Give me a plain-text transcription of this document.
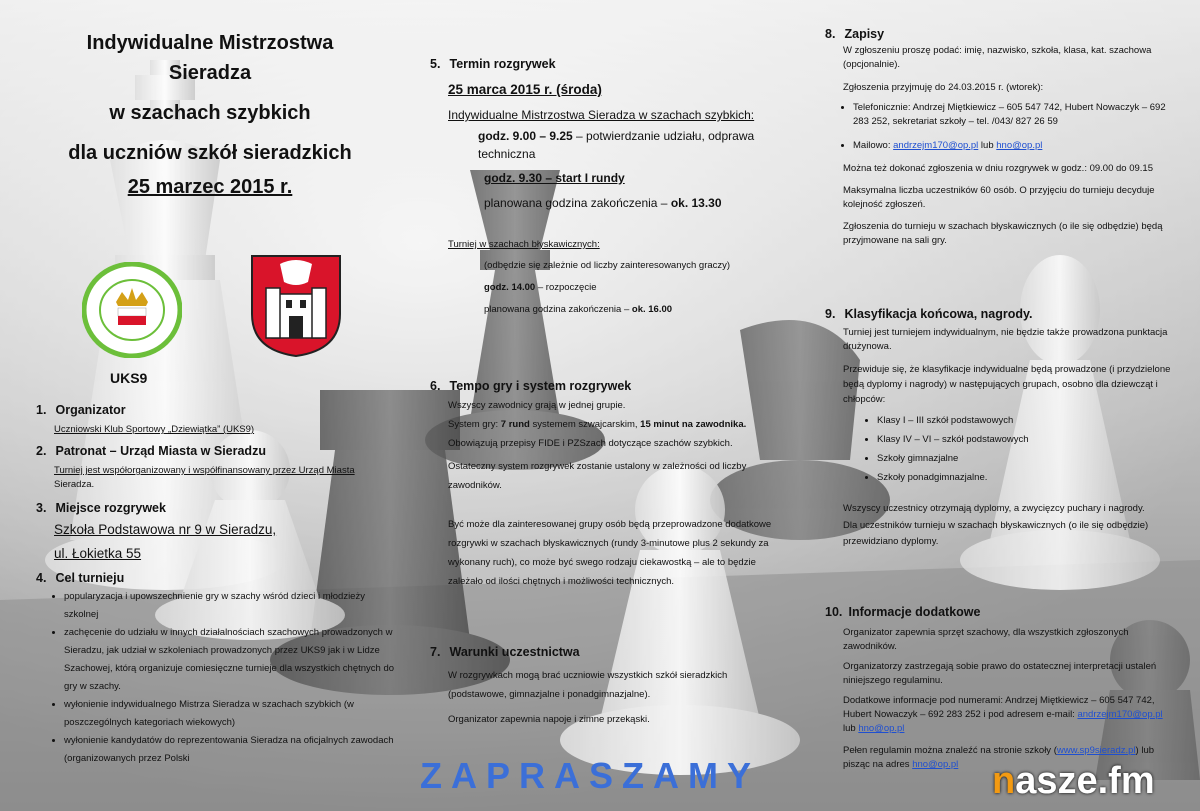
Indywidualne Mistrzostwa
Sieradza
w szachach szybkich
dla uczniów szkół sieradzkich
25 marzec 2015 r.
UKS9
1. Organizator
Uczniowski Klub Sportowy „Dziewiątka” (UKS9)
2. Patronat – Urząd Miasta w Sieradzu
Turniej jest współorganizowany i współfinansowany przez Urząd Miasta
Sieradza.
3. Miejsce rozgrywek
Szkoła Podstawowa nr 9 w Sieradzu,
ul. Łokietka 55
4. Cel turnieju
• popularyzacja i upowszechnienie gry w szachy wśród dzieci i młodzieży szkolnej
• zachęcenie do udziału w innych działalnościach szachowych prowadzonych w Sieradzu, jak udział w szkoleniach prowadzonych przez UKS9 jak i w Lidze Szachowej, którą organizuje comiesięczne turnieje dla wszystkich chętnych do gry w szachy.
• wyłonienie indywidualnego Mistrza Sieradza w szachach szybkich (w poszczególnych kategoriach wiekowych)
• wyłonienie kandydatów do reprezentowania Sieradza na oficjalnych zawodach (organizowanych przez Polski
5. Termin rozgrywek
25 marca 2015 r. (środa)
Indywidualne Mistrzostwa Sieradza w szachach szybkich:
godz. 9.00 – 9.25 – potwierdzanie udziału, odprawa techniczna
godz. 9.30 – start I rundy
planowana godzina zakończenia – ok. 13.30
Turniej w szachach błyskawicznych:
(odbędzie się zależnie od liczby zainteresowanych graczy)
godz. 14.00 – rozpoczęcie
planowana godzina zakończenia – ok. 16.00
6. Tempo gry i system rozgrywek
Wszyscy zawodnicy grają w jednej grupie.
System gry: 7 rund systemem szwajcarskim, 15 minut na zawodnika.
Obowiązują przepisy FIDE i PZSzach dotyczące szachów szybkich.
Ostateczny system rozgrywek zostanie ustalony w zależności od liczby zawodników.
Być może dla zainteresowanej grupy osób będą przeprowadzone dodatkowe rozgrywki w szachach błyskawicznych (rundy 3-minutowe plus 2 sekundy za wykonany ruch), co może być swego rodzaju ciekawostką – ale to będzie zależało od ilości chętnych i możliwości technicznych.
7. Warunki uczestnictwa
W rozgrywkach mogą brać uczniowie wszystkich szkół sieradzkich (podstawowe, gimnazjalne i ponadgimnazjalne).
Organizator zapewnia napoje i zimne przekąski.
ZAPRASZAMY
8. Zapisy
W zgłoszeniu proszę podać: imię, nazwisko, szkoła, klasa, kat. szachowa (opcjonalnie).
Zgłoszenia przyjmuję do 24.03.2015 r. (wtorek):
• Telefonicznie: Andrzej Miętkiewicz – 605 547 742, Hubert Nowaczyk – 692 283 252, sekretariat szkoły – tel. /043/ 827 26 59
• Mailowo: andrzejm170@op.pl lub hno@op.pl
Można też dokonać zgłoszenia w dniu rozgrywek w godz.: 09.00 do 09.15
Maksymalna liczba uczestników 60 osób. O przyjęciu do turnieju decyduje kolejność zgłoszeń.
Zgłoszenia do turnieju w szachach błyskawicznych (o ile się odbędzie) będą przyjmowane na sali gry.
9. Klasyfikacja końcowa, nagrody.
Turniej jest turniejem indywidualnym, nie będzie także prowadzona punktacja drużynowa.
Przewiduje się, że klasyfikacje indywidualne będą prowadzone (i przydzielone będą dyplomy i nagrody) w następujących grupach, osobno dla dziewcząt i chłopców:
• Klasy I – III szkół podstawowych
• Klasy IV – VI – szkół podstawowych
• Szkoły gimnazjalne
• Szkoły ponadgimnazjalne.
Wszyscy uczestnicy otrzymają dyplomy, a zwycięzcy puchary i nagrody.
Dla uczestników turnieju w szachach błyskawicznych (o ile się odbędzie) przewidziano dyplomy.
10. Informacje dodatkowe
Organizator zapewnia sprzęt szachowy, dla wszystkich zgłoszonych zawodników.
Organizatorzy zastrzegają sobie prawo do ostatecznej interpretacji ustaleń niniejszego regulaminu.
Dodatkowe informacje pod numerami: Andrzej Miętkiewicz – 605 547 742, Hubert Nowaczyk – 692 283 252 i pod adresem e-mail: andrzejm170@op.pl lub hno@op.pl
Pełen regulamin można znaleźć na stronie szkoły (www.sp9sieradz.pl) lub pisząc na adres hno@op.pl nasze.fm
